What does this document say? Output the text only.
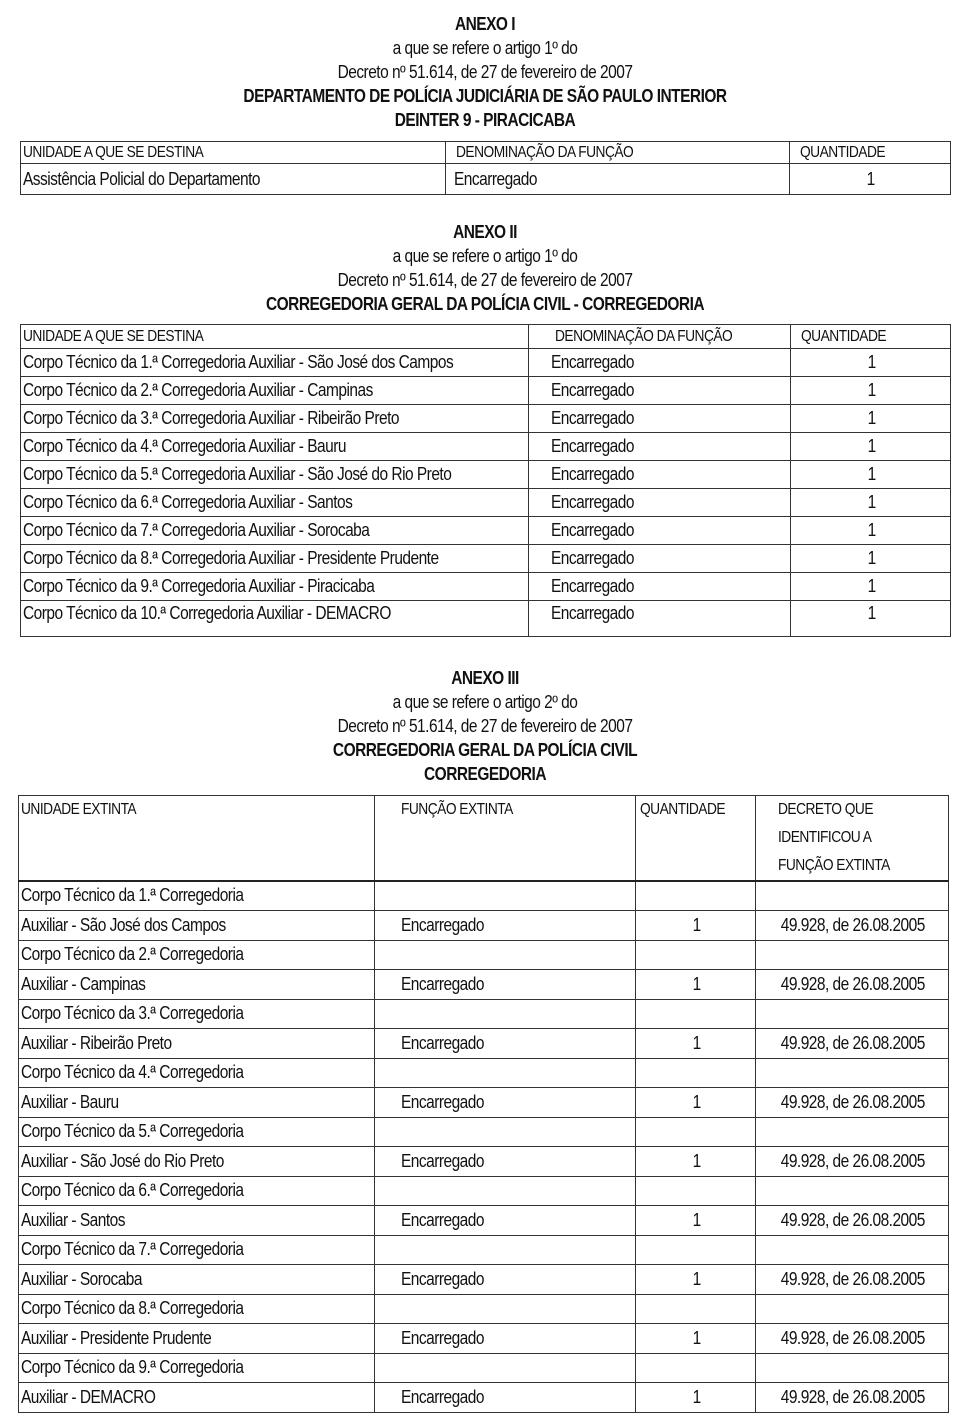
ANEXO I
a que se refere o artigo 1º do
Decreto nº 51.614, de 27 de fevereiro de 2007
DEPARTAMENTO DE POLÍCIA JUDICIÁRIA DE SÃO PAULO INTERIOR
DEINTER 9 - PIRACICABA
UNIDADE A QUE SE DESTINA	DENOMINAÇÃO DA FUNÇÃO	QUANTIDADE
Assistência Policial do Departamento	Encarregado	1
ANEXO II
a que se refere o artigo 1º do
Decreto nº 51.614, de 27 de fevereiro de 2007
CORREGEDORIA GERAL DA POLÍCIA CIVIL - CORREGEDORIA
UNIDADE A QUE SE DESTINA	DENOMINAÇÃO DA FUNÇÃO	QUANTIDADE
Corpo Técnico da 1.ª Corregedoria Auxiliar - São José dos Campos	Encarregado	1
Corpo Técnico da 2.ª Corregedoria Auxiliar - Campinas	Encarregado	1
Corpo Técnico da 3.ª Corregedoria Auxiliar - Ribeirão Preto	Encarregado	1
Corpo Técnico da 4.ª Corregedoria Auxiliar - Bauru	Encarregado	1
Corpo Técnico da 5.ª Corregedoria Auxiliar - São José do Rio Preto	Encarregado	1
Corpo Técnico da 6.ª Corregedoria Auxiliar - Santos	Encarregado	1
Corpo Técnico da 7.ª Corregedoria Auxiliar - Sorocaba	Encarregado	1
Corpo Técnico da 8.ª Corregedoria Auxiliar - Presidente Prudente	Encarregado	1
Corpo Técnico da 9.ª Corregedoria Auxiliar - Piracicaba	Encarregado	1
Corpo Técnico da 10.ª Corregedoria Auxiliar - DEMACRO	Encarregado	1
ANEXO III
a que se refere o artigo 2º do
Decreto nº 51.614, de 27 de fevereiro de 2007
CORREGEDORIA GERAL DA POLÍCIA CIVIL
CORREGEDORIA
UNIDADE EXTINTA	FUNÇÃO EXTINTA	QUANTIDADE	DECRETO QUE
IDENTIFICOU A
FUNÇÃO EXTINTA

Corpo Técnico da 1.ª Corregedoria			
Auxiliar - São José dos Campos	Encarregado	1	49.928, de 26.08.2005
Corpo Técnico da 2.ª Corregedoria			
Auxiliar - Campinas	Encarregado	1	49.928, de 26.08.2005
Corpo Técnico da 3.ª Corregedoria			
Auxiliar - Ribeirão Preto	Encarregado	1	49.928, de 26.08.2005
Corpo Técnico da 4.ª Corregedoria			
Auxiliar - Bauru	Encarregado	1	49.928, de 26.08.2005
Corpo Técnico da 5.ª Corregedoria			
Auxiliar - São José do Rio Preto	Encarregado	1	49.928, de 26.08.2005
Corpo Técnico da 6.ª Corregedoria			
Auxiliar - Santos	Encarregado	1	49.928, de 26.08.2005
Corpo Técnico da 7.ª Corregedoria			
Auxiliar - Sorocaba	Encarregado	1	49.928, de 26.08.2005
Corpo Técnico da 8.ª Corregedoria			
Auxiliar - Presidente Prudente	Encarregado	1	49.928, de 26.08.2005
Corpo Técnico da 9.ª Corregedoria			
Auxiliar - DEMACRO	Encarregado	1	49.928, de 26.08.2005
